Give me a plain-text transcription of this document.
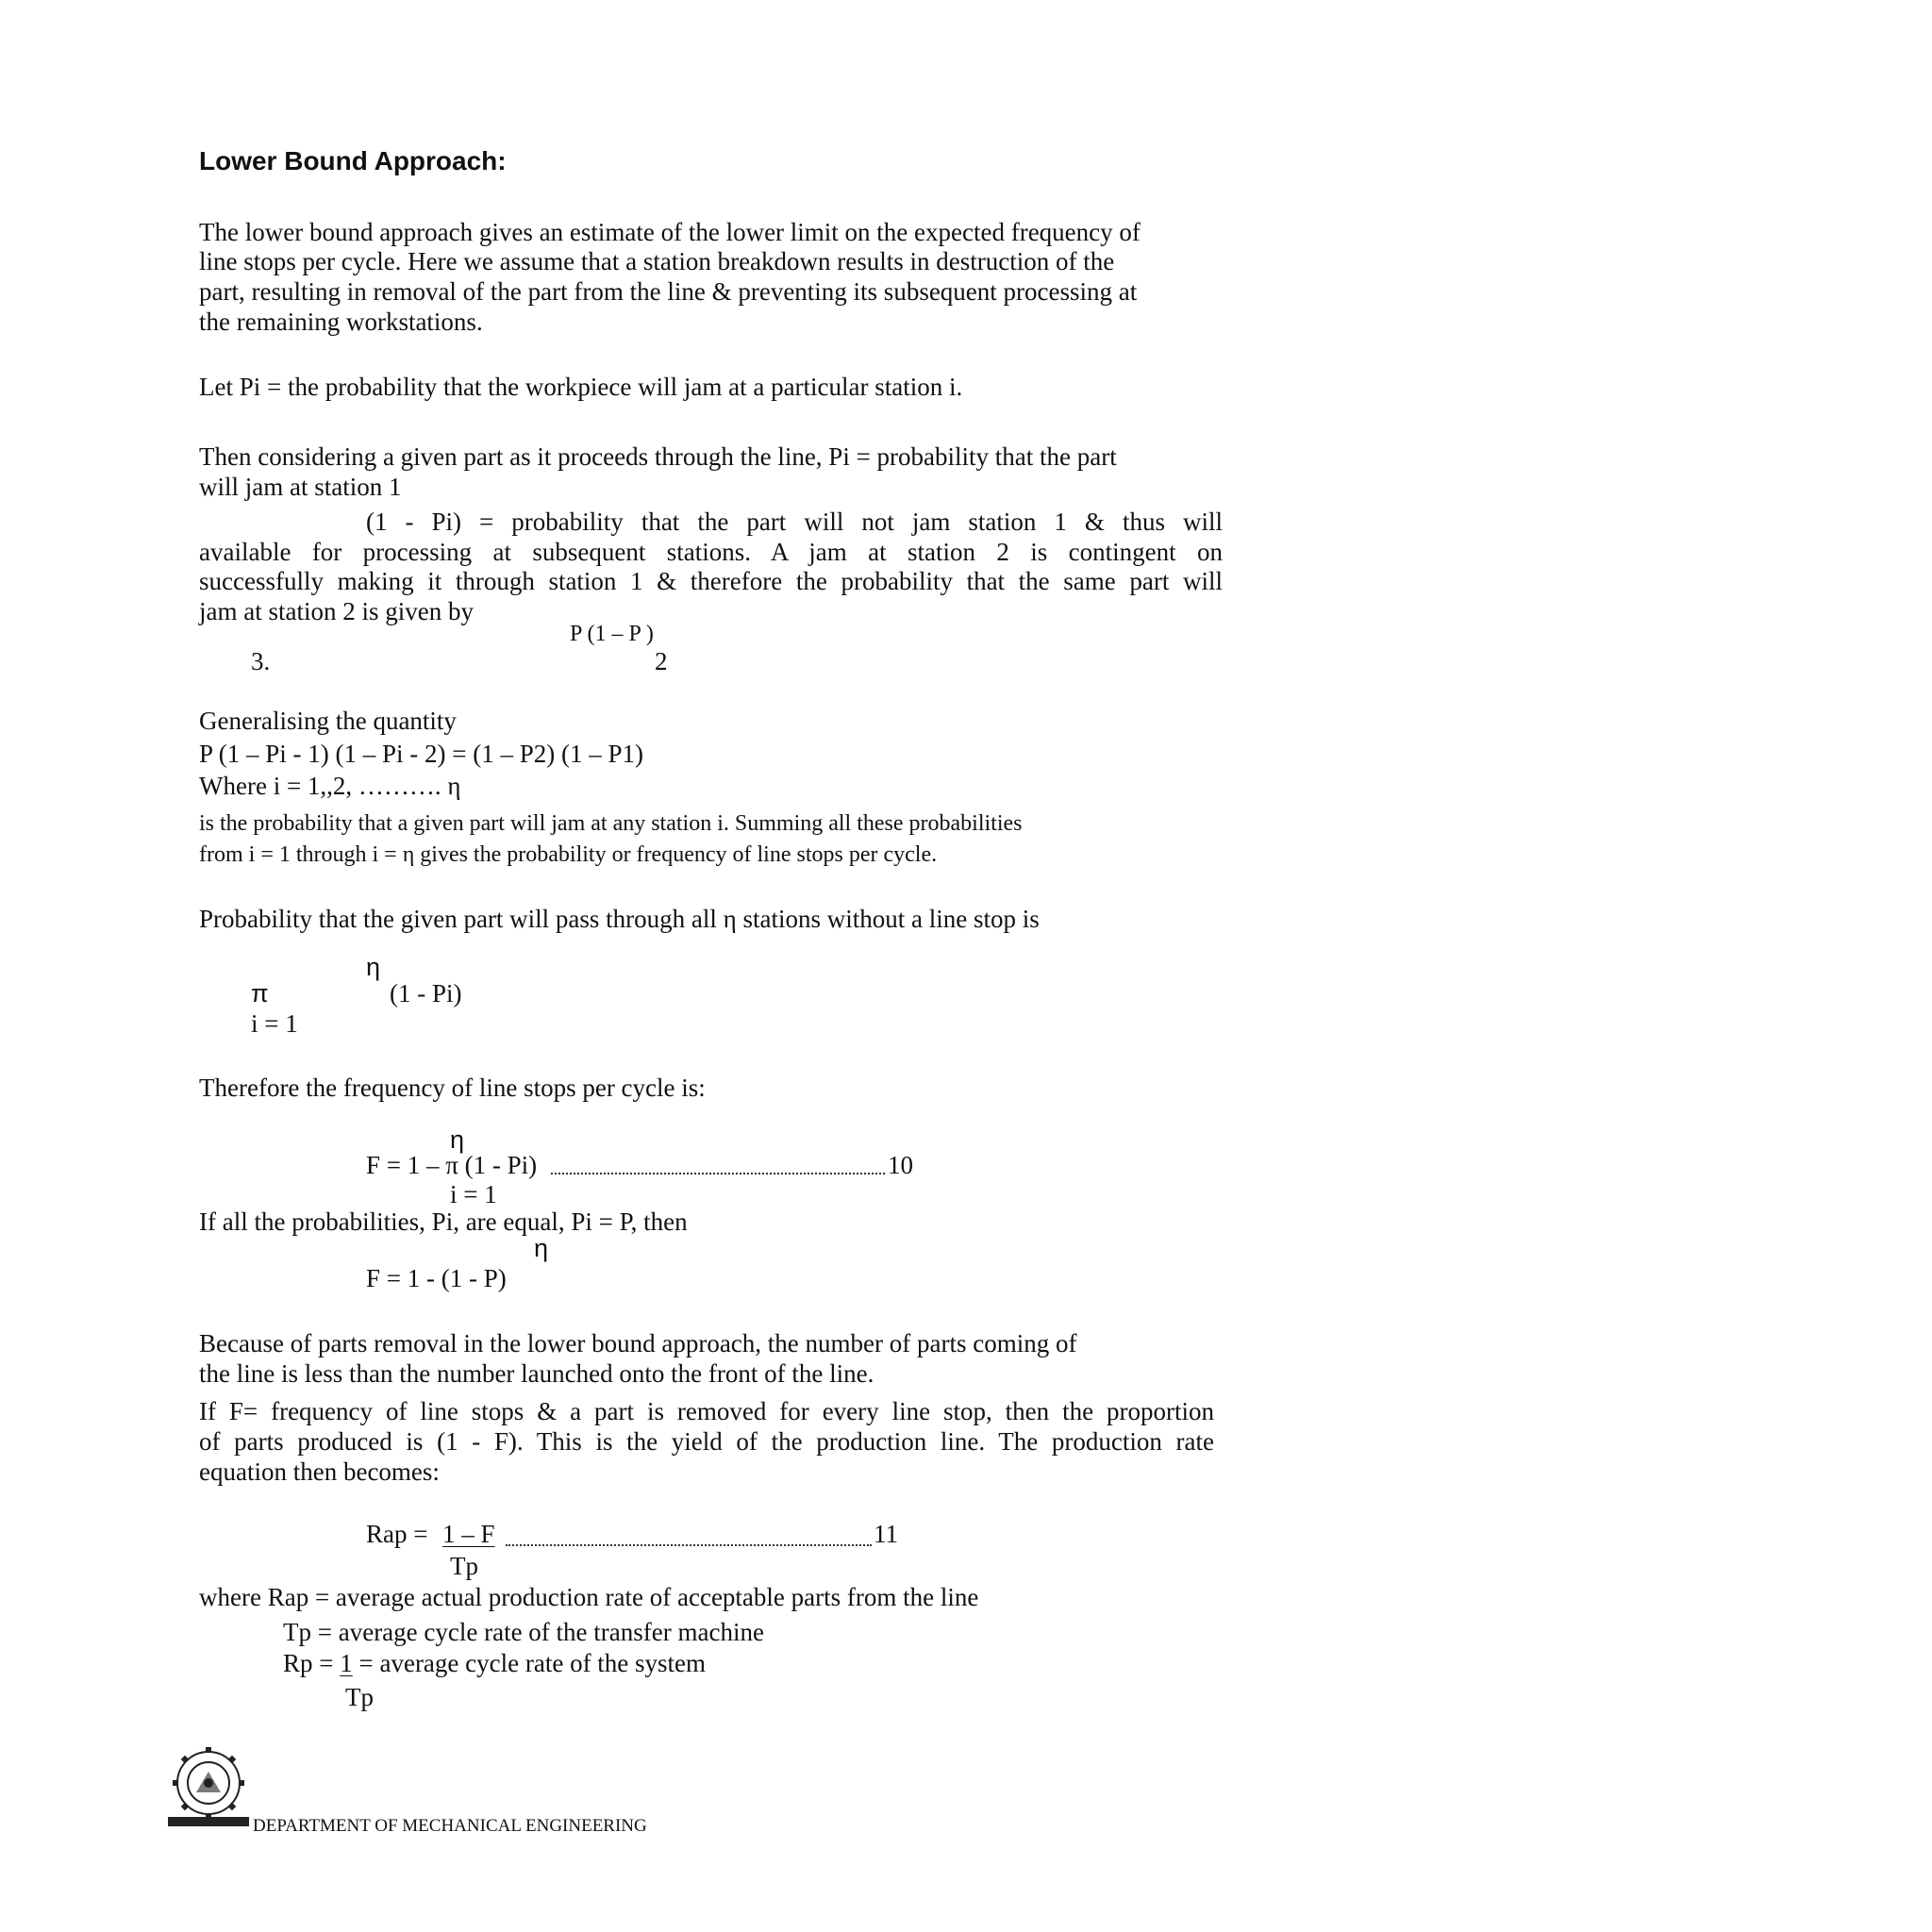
Lower Bound Approach:
The lower bound approach gives an estimate of the lower limit on the expected frequency of
line stops per cycle. Here we assume that a station breakdown results in destruction of the
part, resulting in removal of the part from the line & preventing its subsequent processing at
the remaining workstations.
Let Pi = the probability that the workpiece will jam at a particular station i.
Then considering a given part as it proceeds through the line, Pi = probability that the part
will jam at station 1
(1 - Pi) = probability that the part will not jam station 1 & thus will
available for processing at subsequent stations. A jam at station 2 is contingent on
successfully making it through station 1 & therefore the probability that the same part will
jam at station 2 is given by
P (1 – P )
2
3.
Generalising the quantity
P (1 – Pi - 1) (1 – Pi - 2) = (1 – P2) (1 – P1)
Where i = 1,,2, ………. η
is the probability that a given part will jam at any station i. Summing all these probabilities
from i = 1 through i = η gives the probability or frequency of line stops per cycle.
Probability that the given part will pass through all η stations without a line stop is
η
π	(1 - Pi)
i = 1
Therefore the frequency of line stops per cycle is:
η
F = 1 – π (1 - Pi)	10
i = 1
If all the probabilities, Pi, are equal, Pi = P, then
η
F = 1 - (1 - P)
Because of parts removal in the lower bound approach, the number of parts coming of
the line is less than the number launched onto the front of the line.
If F= frequency of line stops & a part is removed for every line stop, then the proportion
of parts produced is (1 - F). This is the yield of the production line. The production rate
equation then becomes:
Rap = 1 – F	11
Tp
where Rap = average actual production rate of acceptable parts from the line
Tp = average cycle rate of the transfer machine
Rp = 1 = average cycle rate of the system
Tp
DEPARTMENT OF MECHANICAL ENGINEERING
